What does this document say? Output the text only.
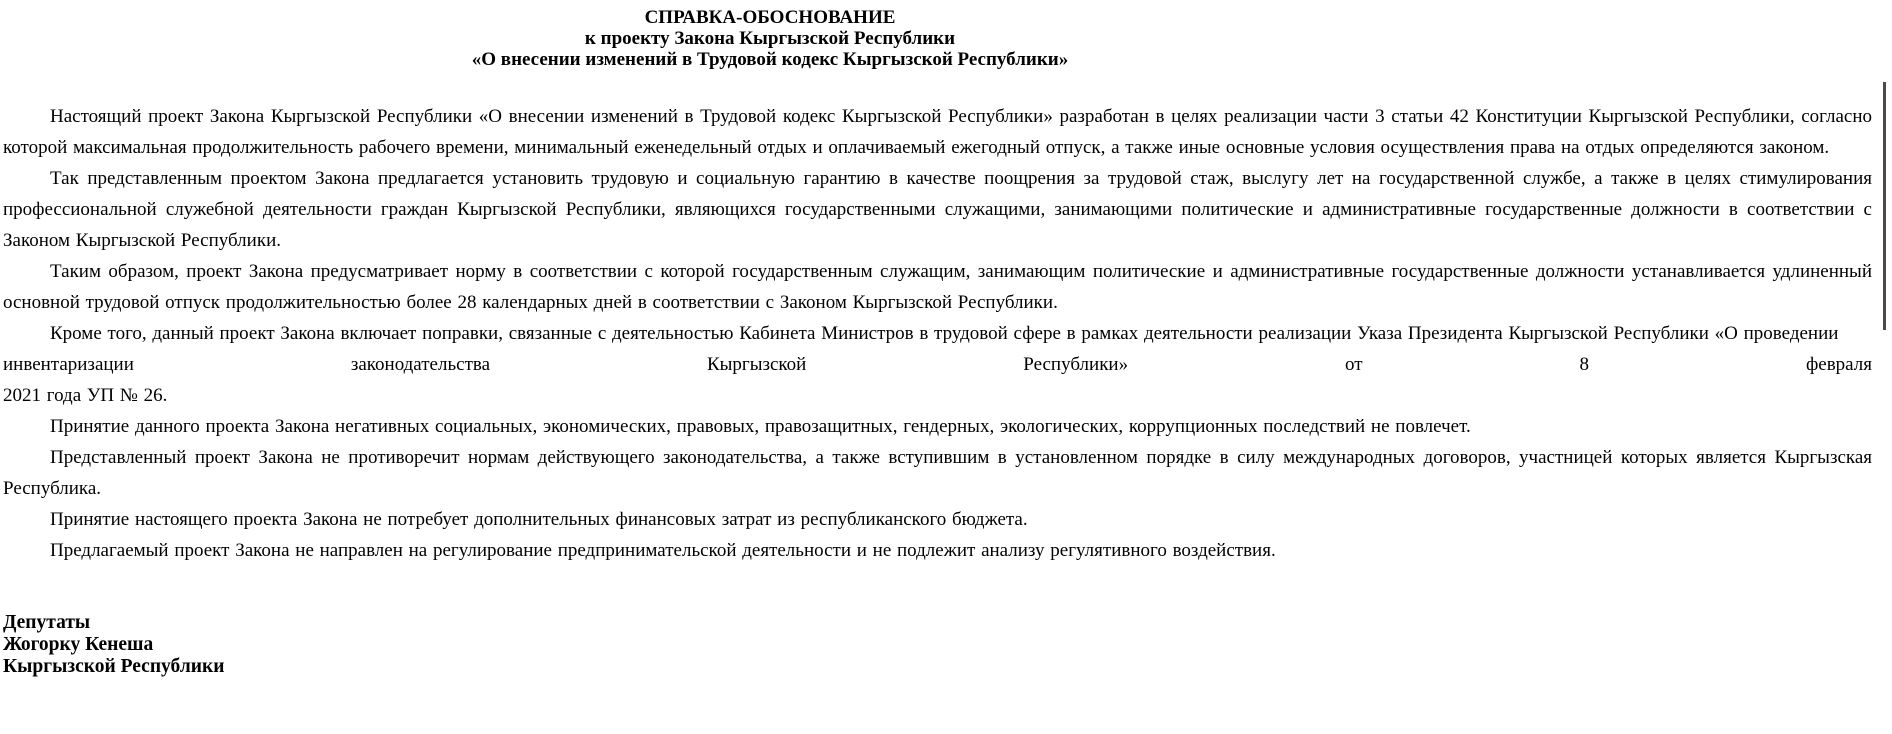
СПРАВКА-ОБОСНОВАНИЕ
к проекту Закона Кыргызской Республики
«О внесении изменений в Трудовой кодекс Кыргызской Республики»

Настоящий проект Закона Кыргызской Республики «О внесении изменений в Трудовой кодекс Кыргызской Республики» разработан в целях реализации части 3 статьи 42 Конституции Кыргызской Республики, согласно которой максимальная продолжительность рабочего времени, минимальный еженедельный отдых и оплачиваемый ежегодный отпуск, а также иные основные условия осуществления права на отдых определяются законом.

Так представленным проектом Закона предлагается установить трудовую и социальную гарантию в качестве поощрения за трудовой стаж, выслугу лет на государственной службе, а также в целях стимулирования профессиональной служебной деятельности граждан Кыргызской Республики, являющихся государственными служащими, занимающими политические и административные государственные должности в соответствии с Законом Кыргызской Республики.

Таким образом, проект Закона предусматривает норму в соответствии с которой государственным служащим, занимающим политические и административные государственные должности устанавливается удлиненный основной трудовой отпуск продолжительностью более 28 календарных дней в соответствии с Законом Кыргызской Республики.

Кроме того, данный проект Закона включает поправки, связанные с деятельностью Кабинета Министров в трудовой сфере в рамках деятельности реализации Указа Президента Кыргызской Республики «О проведении
инвентаризации законодательства Кыргызской Республики» от 8 февраля
2021 года УП № 26.

Принятие данного проекта Закона негативных социальных, экономических, правовых, правозащитных, гендерных, экологических, коррупционных последствий не повлечет.

Представленный проект Закона не противоречит нормам действующего законодательства, а также вступившим в установленном порядке в силу международных договоров, участницей которых является Кыргызская Республика.

Принятие настоящего проекта Закона не потребует дополнительных финансовых затрат из республиканского бюджета.

Предлагаемый проект Закона не направлен на регулирование предпринимательской деятельности и не подлежит анализу регулятивного воздействия.

Депутаты
Жогорку Кенеша
Кыргызской Республики
